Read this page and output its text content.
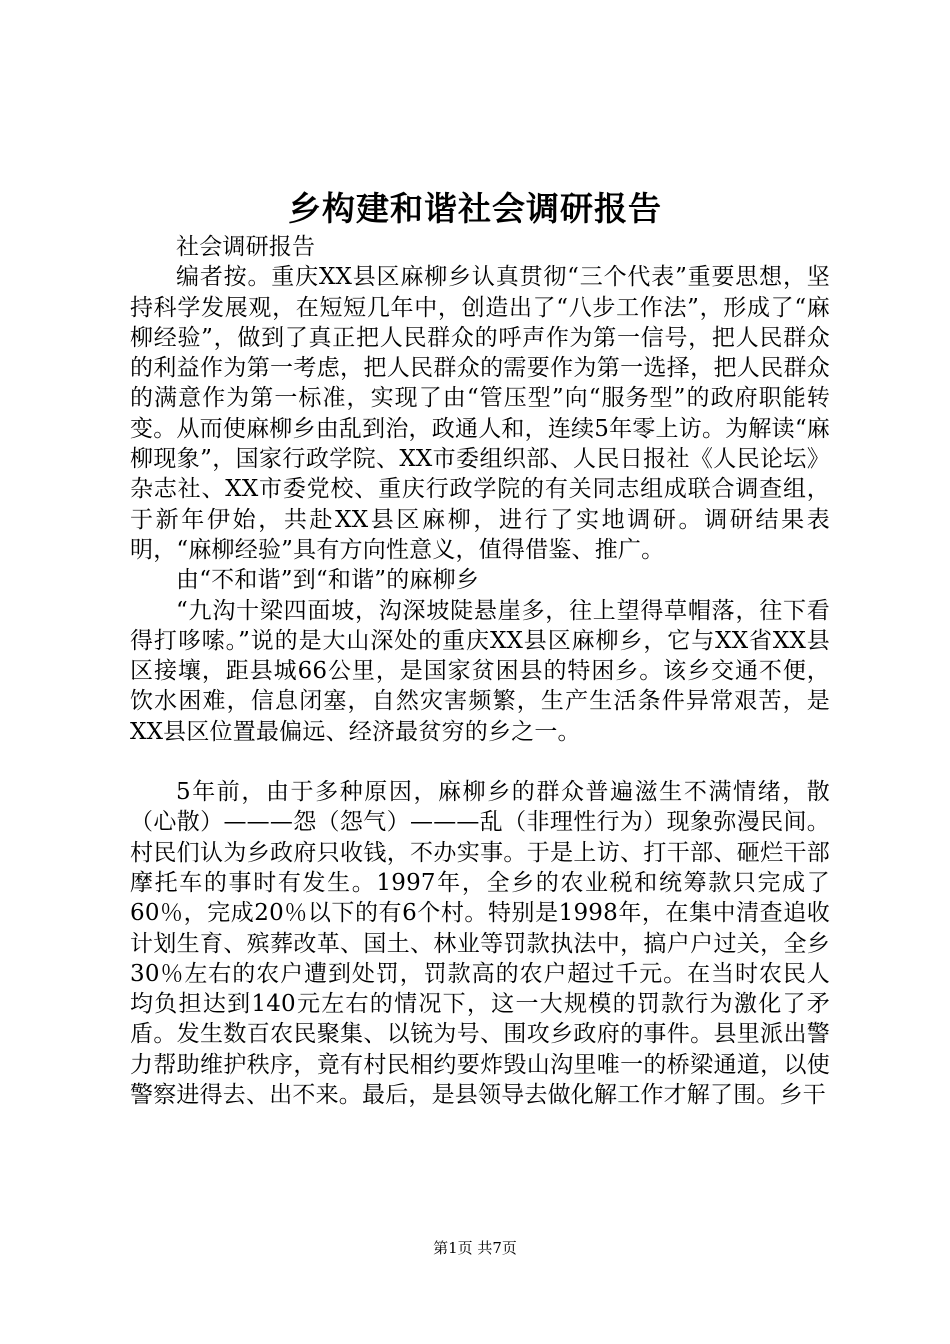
乡构建和谐社会调研报告

社会调研报告

编者按。重庆XX县区麻柳乡认真贯彻“三个代表”重要思想，坚持科学发展观，在短短几年中，创造出了“八步工作法”，形成了“麻柳经验”，做到了真正把人民群众的呼声作为第一信号，把人民群众的利益作为第一考虑，把人民群众的需要作为第一选择，把人民群众的满意作为第一标准，实现了由“管压型”向“服务型”的政府职能转变。从而使麻柳乡由乱到治，政通人和，连续5年零上访。为解读“麻柳现象”，国家行政学院、XX市委组织部、人民日报社《人民论坛》杂志社、XX市委党校、重庆行政学院的有关同志组成联合调查组，于新年伊始，共赴XX县区麻柳，进行了实地调研。调研结果表明，“麻柳经验”具有方向性意义，值得借鉴、推广。

由“不和谐”到“和谐”的麻柳乡

“九沟十梁四面坡，沟深坡陡悬崖多，往上望得草帽落，往下看得打哆嗦。”说的是大山深处的重庆XX县区麻柳乡，它与XX省XX县区接壤，距县城66公里，是国家贫困县的特困乡。该乡交通不便，饮水困难，信息闭塞，自然灾害频繁，生产生活条件异常艰苦，是XX县区位置最偏远、经济最贫穷的乡之一。

5年前，由于多种原因，麻柳乡的群众普遍滋生不满情绪，散（心散）———怨（怨气）———乱（非理性行为）现象弥漫民间。村民们认为乡政府只收钱，不办实事。于是上访、打干部、砸烂干部摩托车的事时有发生。1997年，全乡的农业税和统筹款只完成了60％，完成20％以下的有6个村。特别是1998年，在集中清查追收计划生育、殡葬改革、国土、林业等罚款执法中，搞户户过关，全乡30％左右的农户遭到处罚，罚款高的农户超过千元。在当时农民人均负担达到140元左右的情况下，这一大规模的罚款行为激化了矛盾。发生数百农民聚集、以铳为号、围攻乡政府的事件。县里派出警力帮助维护秩序，竟有村民相约要炸毁山沟里唯一的桥梁通道，以使警察进得去、出不来。最后，是县领导去做化解工作才解了围。乡干

第1页 共7页
